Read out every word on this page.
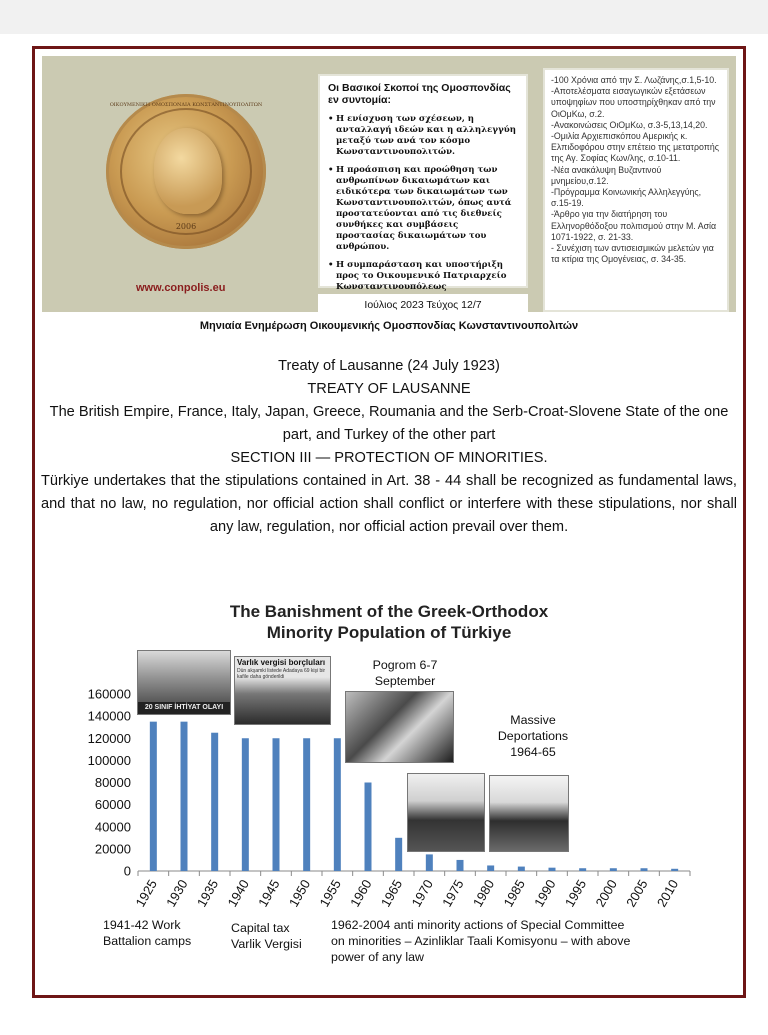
ΟΙΚΟΥΜΕΝΙΚΗ ΟΜΟΣΠΟΝΔΙΑ ΚΩΝΣΤΑΝΤΙΝΟΥΠΟΛΙΤΩΝ
2006
www.conpolis.eu
Οι Βασικοί Σκοποί της Ομοσπονδίας εν συντομία:
• Η ενίσχυση των σχέσεων, η ανταλλαγή ιδεών και η αλληλεγγύη μεταξύ των ανά τον κόσμο Κωνσταντινουπολιτών.
• Η προάσπιση και προώθηση των ανθρωπίνων δικαιωμάτων και ειδικότερα των δικαιωμάτων των Κωνσταντινουπολιτών, όπως αυτά προστατεύονται από τις διεθνείς συνθήκες και συμβάσεις προστασίας δικαιωμάτων του ανθρώπου.
• Η συμπαράσταση και υποστήριξη προς το Οικουμενικό Πατριαρχείο Κωνσταντινουπόλεως
Ιούλιος 2023 Τεύχος 12/7
-100 Χρόνια από την Σ. Λωζάνης,σ.1,5-10.
-Αποτελέσματα εισαγωγικών εξετάσεων υποψηφίων που υποστηρίχθηκαν από την ΟιΟμΚω, σ.2.
-Ανακοινώσεις ΟιΟμΚω, σ.3-5,13,14,20.
-Ομιλία Αρχιεπισκόπου Αμερικής κ. Ελπιδοφόρου στην επέτειο της μετατροπής της Αγ. Σοφίας Κων/λης, σ.10-11.
-Νέα ανακάλυψη Βυζαντινού μνημείου,σ.12.
-Πρόγραμμα Κοινωνικής Αλληλεγγύης, σ.15-19.
-Άρθρο για την διατήρηση του Ελληνορθόδοξου πολιτισμού στην Μ. Ασία 1071-1922, σ. 21-33.
- Συνέχιση των αντισεισμικών μελετών για τα κτίρια της Ομογένειας, σ. 34-35.
Μηνιαία Ενημέρωση Οικουμενικής Ομοσπονδίας Κωνσταντινουπολιτών
Treaty of Lausanne (24 July 1923)
TREATY OF LAUSANNE
The British Empire, France, Italy, Japan, Greece, Roumania and the Serb-Croat-Slovene State of the one part, and Turkey of the other part
SECTION III — PROTECTION OF MINORITIES.
Türkiye undertakes that the stipulations contained in Art. 38 - 44 shall be recognized as fundamental laws, and that no law, no regulation, nor official action shall conflict or interfere with these stipulations, nor shall any law, regulation, nor official action prevail over them.
The Banishment of the Greek-Orthodox
Minority Population of Türkiye
0
20000
40000
60000
80000
100000
120000
140000
160000
1925 1930 1935 1940 1945 1950 1955 1960 1965 1970 1975 1980 1985 1990 1995 2000 2005 2010
20 SINIF İHTİYAT OLAYI
Varlık vergisi borçluları
Dün akşamki listede Adadaya 69 kişi bir kafile daha gönderildi
Pogrom 6-7 September
Massive Deportations 1964-65
1941-42 Work Battalion camps
Capital tax Varlik Vergisi
1962-2004 anti minority actions of Special Committee on minorities – Azinliklar Taali Komisyonu – with above power of any law
